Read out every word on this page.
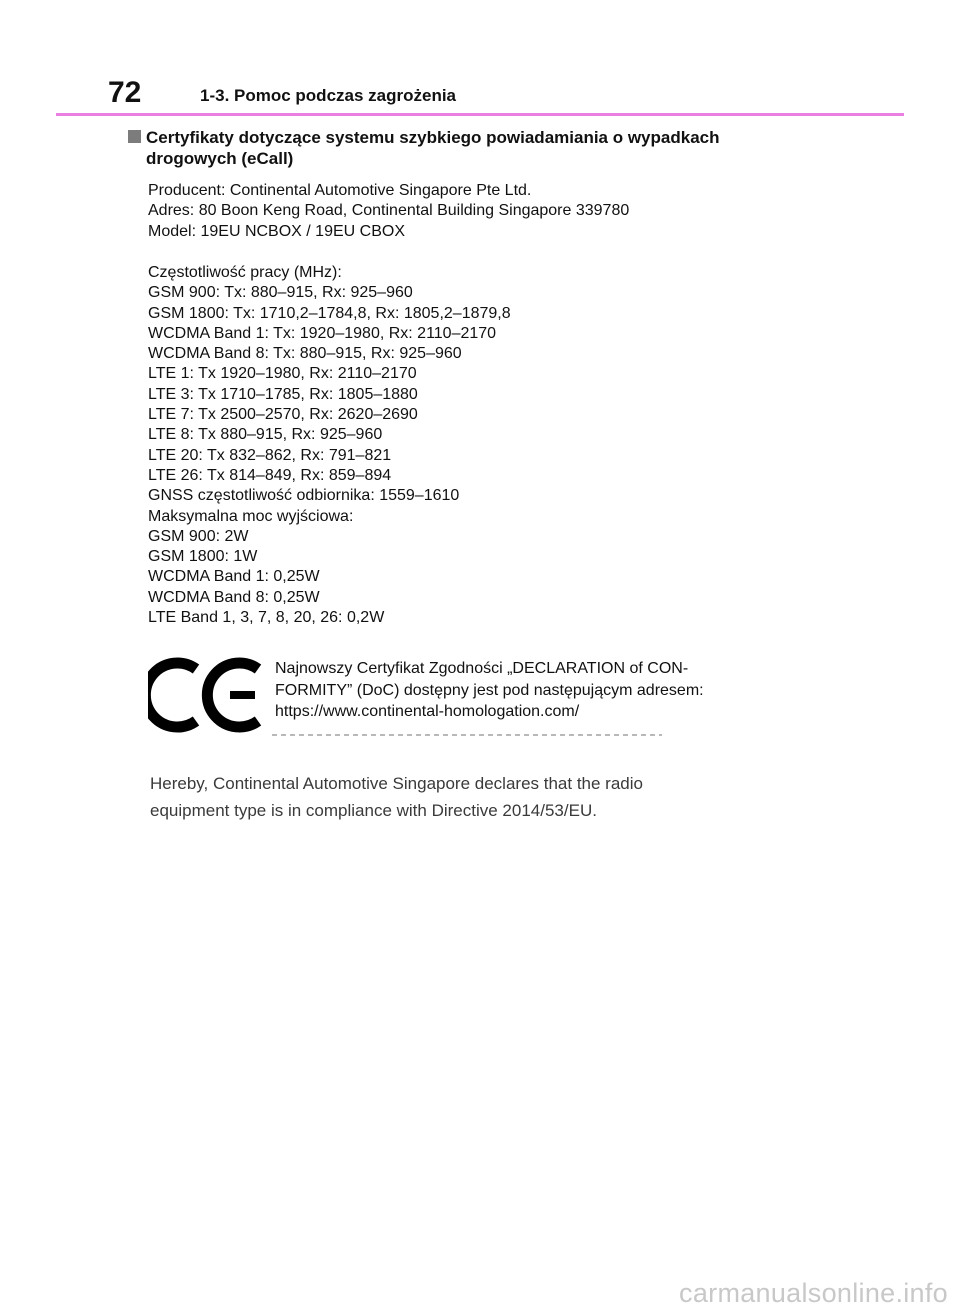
72	1-3. Pomoc podczas zagrożenia
Certyfikaty dotyczące systemu szybkiego powiadamiania o wypadkach
drogowych (eCall)
Producent: Continental Automotive Singapore Pte Ltd.
Adres: 80 Boon Keng Road, Continental Building Singapore 339780
Model: 19EU NCBOX / 19EU CBOX
Częstotliwość pracy (MHz):
GSM 900: Tx: 880–915, Rx: 925–960
GSM 1800: Tx: 1710,2–1784,8, Rx: 1805,2–1879,8
WCDMA Band 1: Tx: 1920–1980, Rx: 2110–2170
WCDMA Band 8: Tx: 880–915, Rx: 925–960
LTE 1: Tx 1920–1980, Rx: 2110–2170
LTE 3: Tx 1710–1785, Rx: 1805–1880
LTE 7: Tx 2500–2570, Rx: 2620–2690
LTE 8: Tx 880–915, Rx: 925–960
LTE 20: Tx 832–862, Rx: 791–821
LTE 26: Tx 814–849, Rx: 859–894
GNSS częstotliwość odbiornika: 1559–1610
Maksymalna moc wyjściowa:
GSM 900: 2W
GSM 1800: 1W
WCDMA Band 1: 0,25W
WCDMA Band 8: 0,25W
LTE Band 1, 3, 7, 8, 20, 26: 0,2W
Najnowszy Certyfikat Zgodności „DECLARATION of CON-
FORMITY” (DoC) dostępny jest pod następującym adresem:
https://www.continental-homologation.com/
Hereby, Continental Automotive Singapore declares that the radio
equipment type is in compliance with Directive 2014/53/EU.
carmanualsonline.info
